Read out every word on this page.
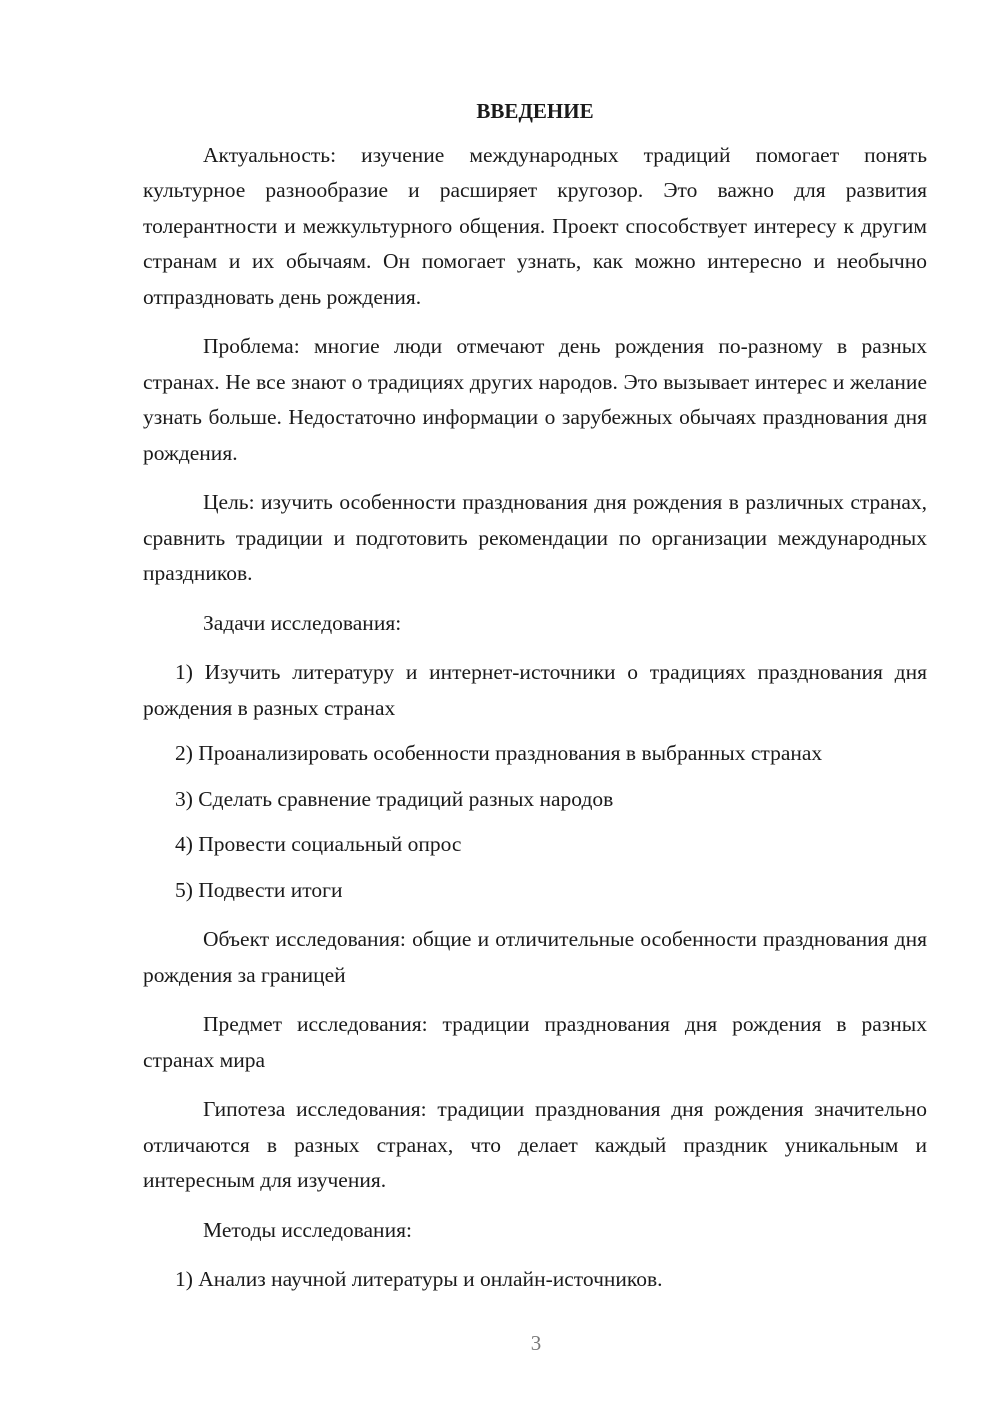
ВВЕДЕНИЕ

Актуальность: изучение международных традиций помогает понять культурное разнообразие и расширяет кругозор. Это важно для развития толерантности и межкультурного общения. Проект способствует интересу к другим странам и их обычаям. Он помогает узнать, как можно интересно и необычно отпраздновать день рождения.

Проблема: многие люди отмечают день рождения по-разному в разных странах. Не все знают о традициях других народов. Это вызывает интерес и желание узнать больше. Недостаточно информации о зарубежных обычаях празднования дня рождения.

Цель: изучить особенности празднования дня рождения в различных странах, сравнить традиции и подготовить рекомендации по организации международных праздников.

Задачи исследования:

1) Изучить литературу и интернет-источники о традициях празднования дня рождения в разных странах

2) Проанализировать особенности празднования в выбранных странах

3) Сделать сравнение традиций разных народов

4) Провести социальный опрос

5) Подвести итоги

Объект исследования: общие и отличительные особенности празднования дня рождения за границей

Предмет исследования: традиции празднования дня рождения в разных странах мира

Гипотеза исследования: традиции празднования дня рождения значительно отличаются в разных странах, что делает каждый праздник уникальным и интересным для изучения.

Методы исследования:

1) Анализ научной литературы и онлайн-источников.

3
